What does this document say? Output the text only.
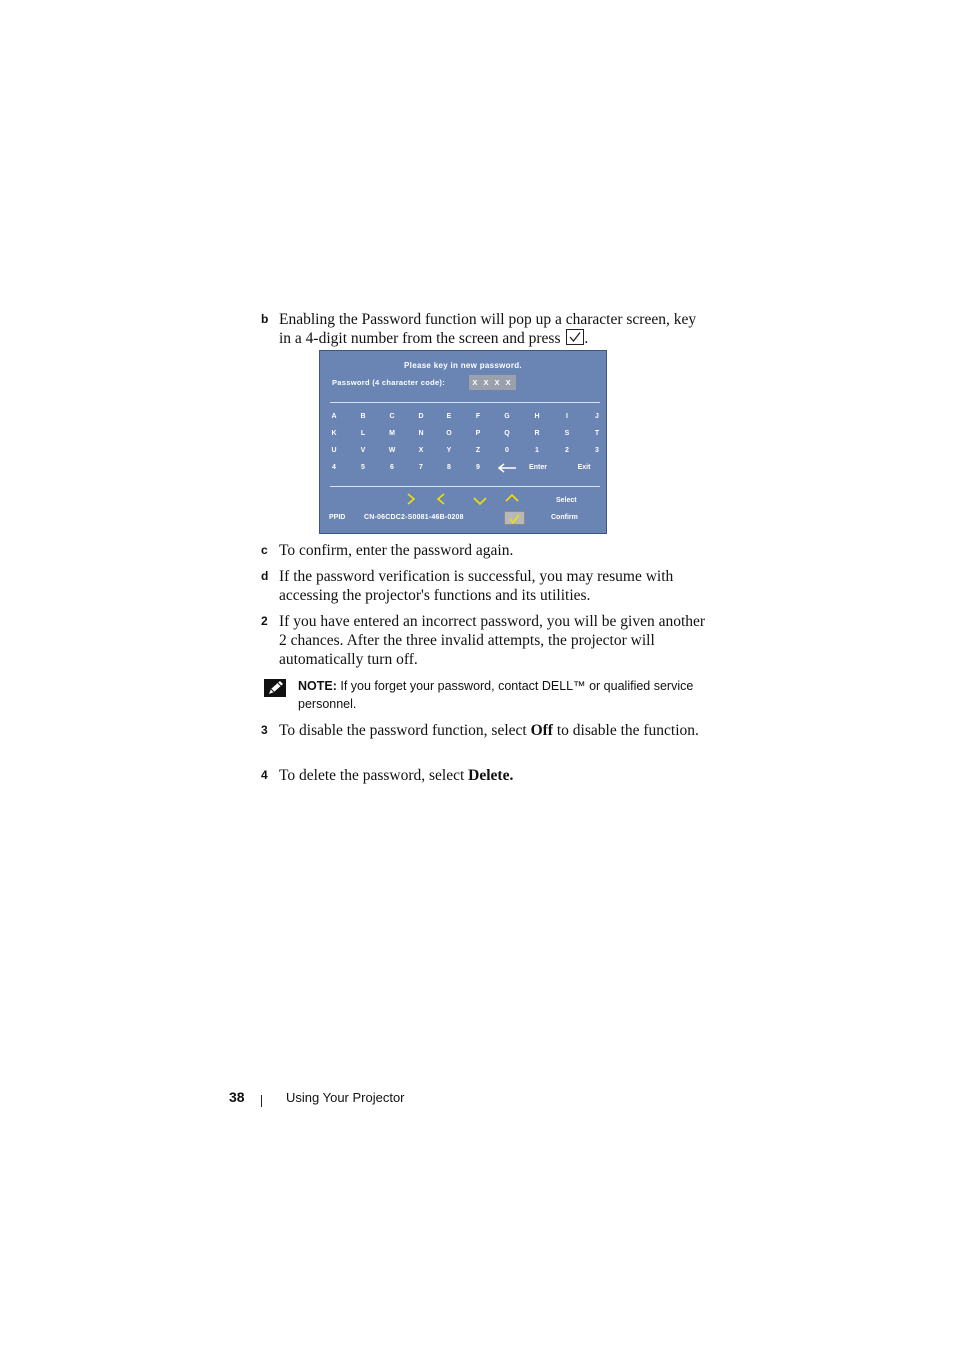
b Enabling the Password function will pop up a character screen, key in a 4-digit number from the screen and press
.
Please key in new password.
Password (4 character code):	X X X X
A	B	C	D	E	F	G	H	I	J
K	L	M	N	O	P	Q	R	S	T
U	V	W	X	Y	Z	0	1	2	3
4	5	6	7	8	9	Enter	Exit
Select
PPID	CN-06CDC2-S0081-46B-0208	Confirm
c To confirm, enter the password again.
d If the password verification is successful, you may resume with accessing the projector's functions and its utilities.
2 If you have entered an incorrect password, you will be given another 2 chances. After the three invalid attempts, the projector will automatically turn off.
NOTE: If you forget your password, contact DELL™ or qualified service personnel.
3 To disable the password function, select Off to disable the function.
4 To delete the password, select Delete.
38	Using Your Projector
